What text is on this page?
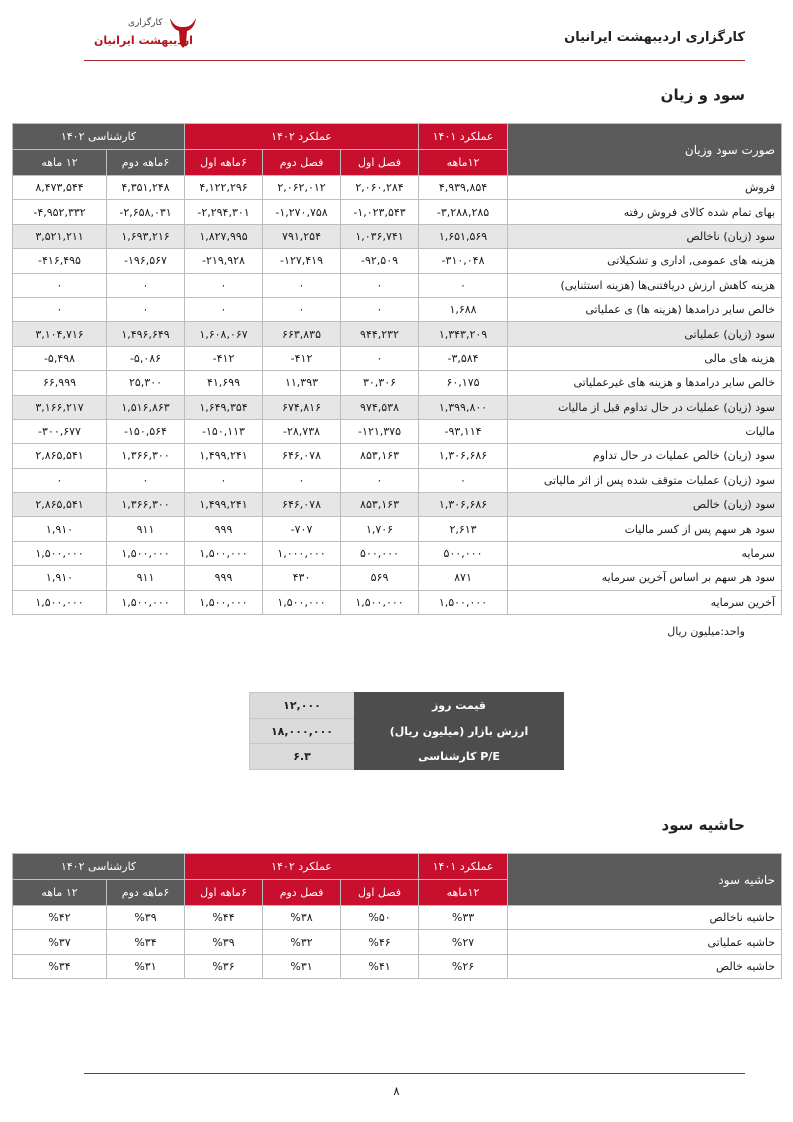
کارگزاری اردیبهشت ایرانیان
کارگزاری
اردیبهشت ایرانیان
سود و زیان
صورت سود وزیان	عملکرد ۱۴۰۱	عملکرد ۱۴۰۲			کارشناسی ۱۴۰۲	
	۱۲ماهه	فصل اول	فصل دوم	۶ماهه اول	۶ماهه دوم	۱۲ ماهه
فروش	۴,۹۳۹,۸۵۴	۲,۰۶۰,۲۸۴	۲,۰۶۲,۰۱۲	۴,۱۲۲,۲۹۶	۴,۳۵۱,۲۴۸	۸,۴۷۳,۵۴۴
بهای تمام شده کالای فروش رفته	۳,۲۸۸,۲۸۵-	۱,۰۲۳,۵۴۳-	۱,۲۷۰,۷۵۸-	۲,۲۹۴,۳۰۱-	۲,۶۵۸,۰۳۱-	۴,۹۵۲,۳۳۲-
سود (زیان) ناخالص	۱,۶۵۱,۵۶۹	۱,۰۳۶,۷۴۱	۷۹۱,۲۵۴	۱,۸۲۷,۹۹۵	۱,۶۹۳,۲۱۶	۳,۵۲۱,۲۱۱
هزینه های عمومی, اداری و تشکیلاتی	۳۱۰,۰۴۸-	۹۲,۵۰۹-	۱۲۷,۴۱۹-	۲۱۹,۹۲۸-	۱۹۶,۵۶۷-	۴۱۶,۴۹۵-
هزینه کاهش ارزش دریافتنی‌ها (هزینه استثنایی)	۰	۰	۰	۰	۰	۰
خالص سایر درامدها (هزینه ها) ی عملیاتی	۱,۶۸۸	۰	۰	۰	۰	۰
سود (زیان) عملیاتی	۱,۳۴۳,۲۰۹	۹۴۴,۲۳۲	۶۶۳,۸۳۵	۱,۶۰۸,۰۶۷	۱,۴۹۶,۶۴۹	۳,۱۰۴,۷۱۶
هزینه های مالی	۳,۵۸۴-	۰	۴۱۲-	۴۱۲-	۵,۰۸۶-	۵,۴۹۸-
خالص سایر درامدها و هزینه های غیرعملیاتی	۶۰,۱۷۵	۳۰,۳۰۶	۱۱,۳۹۳	۴۱,۶۹۹	۲۵,۳۰۰	۶۶,۹۹۹
سود (زیان) عملیات در حال تداوم قبل از مالیات	۱,۳۹۹,۸۰۰	۹۷۴,۵۳۸	۶۷۴,۸۱۶	۱,۶۴۹,۳۵۴	۱,۵۱۶,۸۶۳	۳,۱۶۶,۲۱۷
مالیات	۹۳,۱۱۴-	۱۲۱,۳۷۵-	۲۸,۷۳۸-	۱۵۰,۱۱۳-	۱۵۰,۵۶۴-	۳۰۰,۶۷۷-
سود (زیان) خالص عملیات در حال تداوم	۱,۳۰۶,۶۸۶	۸۵۳,۱۶۳	۶۴۶,۰۷۸	۱,۴۹۹,۲۴۱	۱,۳۶۶,۳۰۰	۲,۸۶۵,۵۴۱
سود (زیان) عملیات متوقف شده پس از اثر مالیاتی	۰	۰	۰	۰	۰	۰
سود (زیان) خالص	۱,۳۰۶,۶۸۶	۸۵۳,۱۶۳	۶۴۶,۰۷۸	۱,۴۹۹,۲۴۱	۱,۳۶۶,۳۰۰	۲,۸۶۵,۵۴۱
سود هر سهم پس از کسر مالیات	۲,۶۱۳	۱,۷۰۶	۷۰۷-	۹۹۹	۹۱۱	۱,۹۱۰
سرمایه	۵۰۰,۰۰۰	۵۰۰,۰۰۰	۱,۰۰۰,۰۰۰	۱,۵۰۰,۰۰۰	۱,۵۰۰,۰۰۰	۱,۵۰۰,۰۰۰
سود هر سهم بر اساس آخرین سرمایه	۸۷۱	۵۶۹	۴۳۰	۹۹۹	۹۱۱	۱,۹۱۰
آخرین سرمایه	۱,۵۰۰,۰۰۰	۱,۵۰۰,۰۰۰	۱,۵۰۰,۰۰۰	۱,۵۰۰,۰۰۰	۱,۵۰۰,۰۰۰	۱,۵۰۰,۰۰۰
واحد:میلیون ریال
قیمت روز	۱۲,۰۰۰
ارزش بازار (میلیون ریال)	۱۸,۰۰۰,۰۰۰
P/E کارشناسی	۶.۳
حاشیه سود
حاشیه سود	عملکرد ۱۴۰۱	عملکرد ۱۴۰۲			کارشناسی ۱۴۰۲	
	۱۲ماهه	فصل اول	فصل دوم	۶ماهه اول	۶ماهه دوم	۱۲ ماهه
حاشیه ناخالص	%۳۳	%۵۰	%۳۸	%۴۴	%۳۹	%۴۲
حاشیه عملیاتی	%۲۷	%۴۶	%۳۲	%۳۹	%۳۴	%۳۷
حاشیه خالص	%۲۶	%۴۱	%۳۱	%۳۶	%۳۱	%۳۴
۸
